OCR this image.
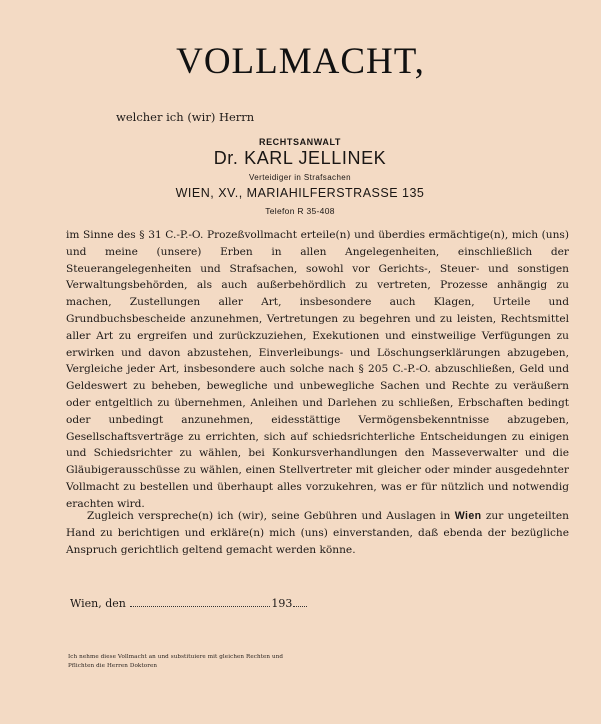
VOLLMACHT,
welcher ich (wir) Herrn
RECHTSANWALT
Dr. KARL JELLINEK
Verteidiger in Strafsachen
WIEN, XV., MARIAHILFERSTRASSE 135
Telefon R 35-408
im Sinne des § 31 C.-P.-O. Prozeßvollmacht erteile(n) und überdies ermächtige(n), mich (uns) und meine (unsere) Erben in allen Angelegenheiten, einschließlich der Steuerangelegenheiten und Strafsachen, sowohl vor Gerichts-, Steuer- und sonstigen Verwaltungsbehörden, als auch außerbehördlich zu vertreten, Prozesse anhängig zu machen, Zustellungen aller Art, insbesondere auch Klagen, Urteile und Grundbuchsbescheide anzunehmen, Vertretungen zu begehren und zu leisten, Rechtsmittel aller Art zu ergreifen und zurückzuziehen, Exekutionen und einstweilige Verfügungen zu erwirken und davon abzustehen, Einverleibungs- und Löschungserklärungen abzugeben, Vergleiche jeder Art, insbesondere auch solche nach § 205 C.-P.-O. abzuschließen, Geld und Geldeswert zu beheben, bewegliche und unbewegliche Sachen und Rechte zu veräußern oder entgeltlich zu übernehmen, Anleihen und Darlehen zu schließen, Erbschaften bedingt oder unbedingt anzunehmen, eidesstättige Vermögensbekenntnisse abzugeben, Gesellschaftsverträge zu errichten, sich auf schiedsrichterliche Entscheidungen zu einigen und Schiedsrichter zu wählen, bei Konkursverhandlungen den Masseverwalter und die Gläubigerausschüsse zu wählen, einen Stellvertreter mit gleicher oder minder ausgedehnter Vollmacht zu bestellen und überhaupt alles vorzukehren, was er für nützlich und notwendig erachten wird.
Zugleich verspreche(n) ich (wir), seine Gebühren und Auslagen in Wien zur ungeteilten Hand zu berichtigen und erkläre(n) mich (uns) einverstanden, daß ebenda der bezügliche Anspruch gerichtlich geltend gemacht werden könne.
Wien, den	193
Ich nehme diese Vollmacht an und substituiere mit gleichen Rechten und Pflichten die Herren Doktoren
